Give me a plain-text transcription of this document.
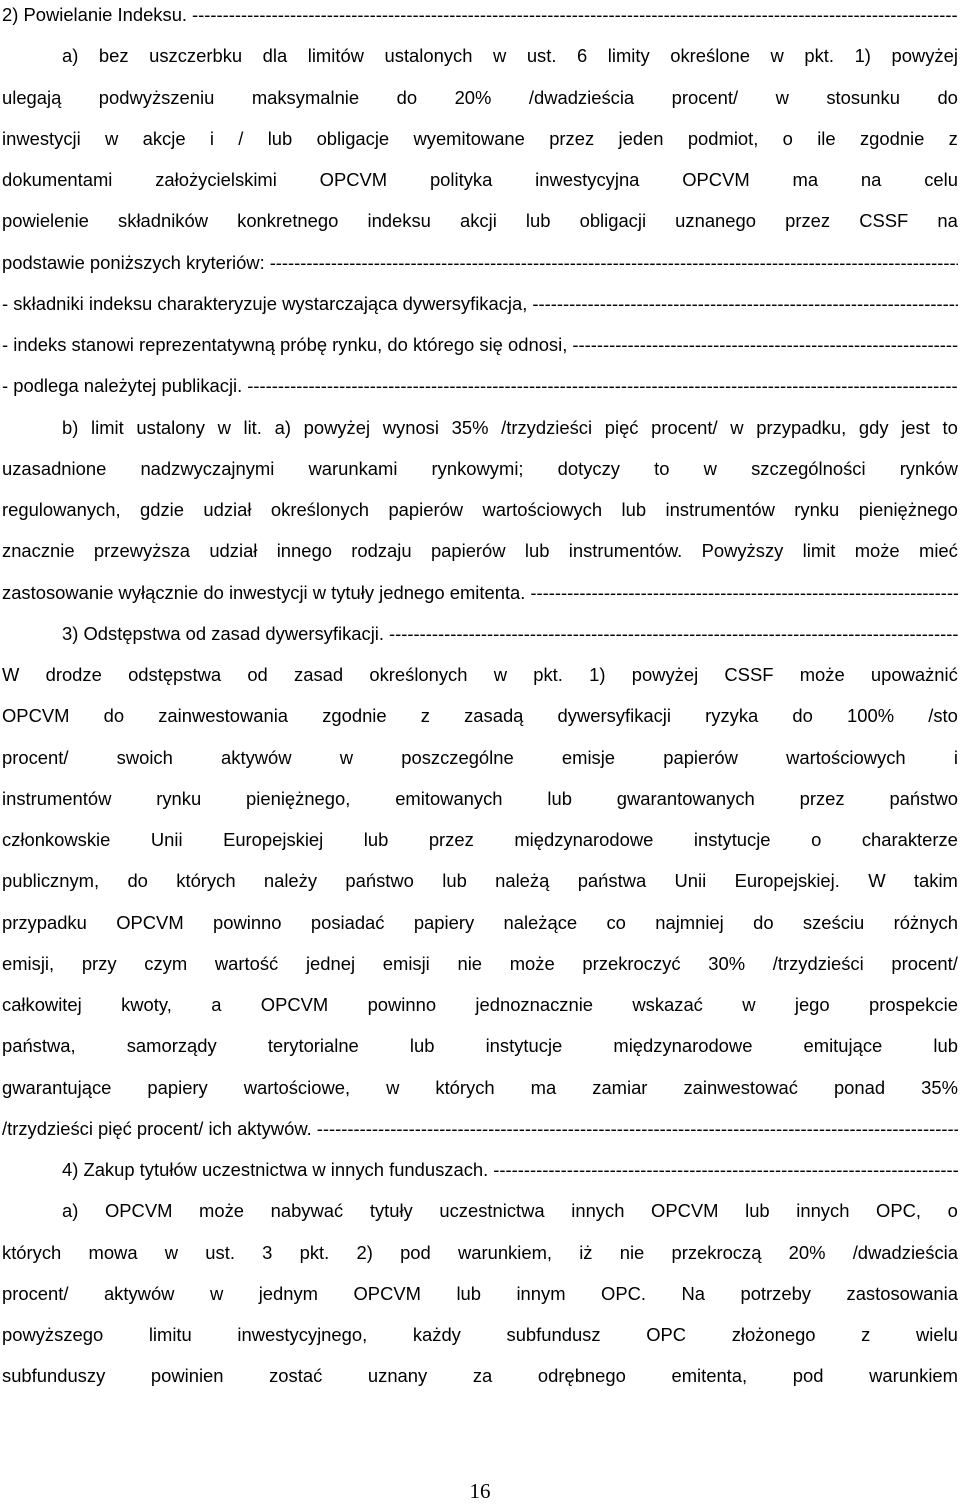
2) Powielanie Indeksu.
-----
a) bez uszczerbku dla limitów ustalonych w ust. 6 limity określone w pkt. 1) powyżej
ulegają podwyższeniu maksymalnie do 20% /dwadzieścia procent/ w stosunku do
inwestycji w akcje i / lub obligacje wyemitowane przez jeden podmiot, o ile zgodnie z
dokumentami założycielskimi OPCVM polityka inwestycyjna OPCVM ma na celu
powielenie składników konkretnego indeksu akcji lub obligacji uznanego przez CSSF na
podstawie poniższych kryteriów:
-----
- składniki indeksu charakteryzuje wystarczająca dywersyfikacja,
-----
- indeks stanowi reprezentatywną próbę rynku, do którego się odnosi,
-----
- podlega należytej publikacji.
-----
b) limit ustalony w lit. a) powyżej wynosi 35% /trzydzieści pięć procent/ w przypadku, gdy jest to
uzasadnione nadzwyczajnymi warunkami rynkowymi; dotyczy to w szczególności rynków
regulowanych, gdzie udział określonych papierów wartościowych lub instrumentów rynku pieniężnego
znacznie przewyższa udział innego rodzaju papierów lub instrumentów. Powyższy limit może mieć
zastosowanie wyłącznie do inwestycji w tytuły jednego emitenta.
-----
3) Odstępstwa od zasad dywersyfikacji.
-----
W drodze odstępstwa od zasad określonych w pkt. 1) powyżej CSSF może upoważnić
OPCVM do zainwestowania zgodnie z zasadą dywersyfikacji ryzyka do 100% /sto
procent/	swoich	aktywów	w	poszczególne	emisje	papierów	wartościowych	i
instrumentów rynku pieniężnego, emitowanych lub gwarantowanych przez państwo
członkowskie Unii Europejskiej lub przez międzynarodowe instytucje o charakterze
publicznym, do których należy państwo lub należą państwa Unii Europejskiej. W takim
przypadku OPCVM powinno posiadać papiery należące co najmniej do sześciu różnych
emisji, przy czym wartość jednej emisji nie może przekroczyć 30% /trzydzieści procent/
całkowitej kwoty, a OPCVM powinno jednoznacznie wskazać w jego prospekcie
państwa,	samorządy	terytorialne	lub	instytucje	międzynarodowe	emitujące	lub
gwarantujące papiery wartościowe, w których ma zamiar zainwestować ponad 35%
/trzydzieści pięć procent/ ich aktywów.
-----
4) Zakup tytułów uczestnictwa w innych funduszach.
-----
a) OPCVM może nabywać tytuły uczestnictwa innych OPCVM lub innych OPC, o
których mowa w ust. 3 pkt. 2) pod warunkiem, iż nie przekroczą 20% /dwadzieścia
procent/ aktywów w jednym OPCVM lub innym OPC. Na potrzeby zastosowania
powyższego limitu inwestycyjnego, każdy subfundusz OPC złożonego z wielu
subfunduszy powinien zostać uznany za odrębnego emitenta, pod warunkiem
16
